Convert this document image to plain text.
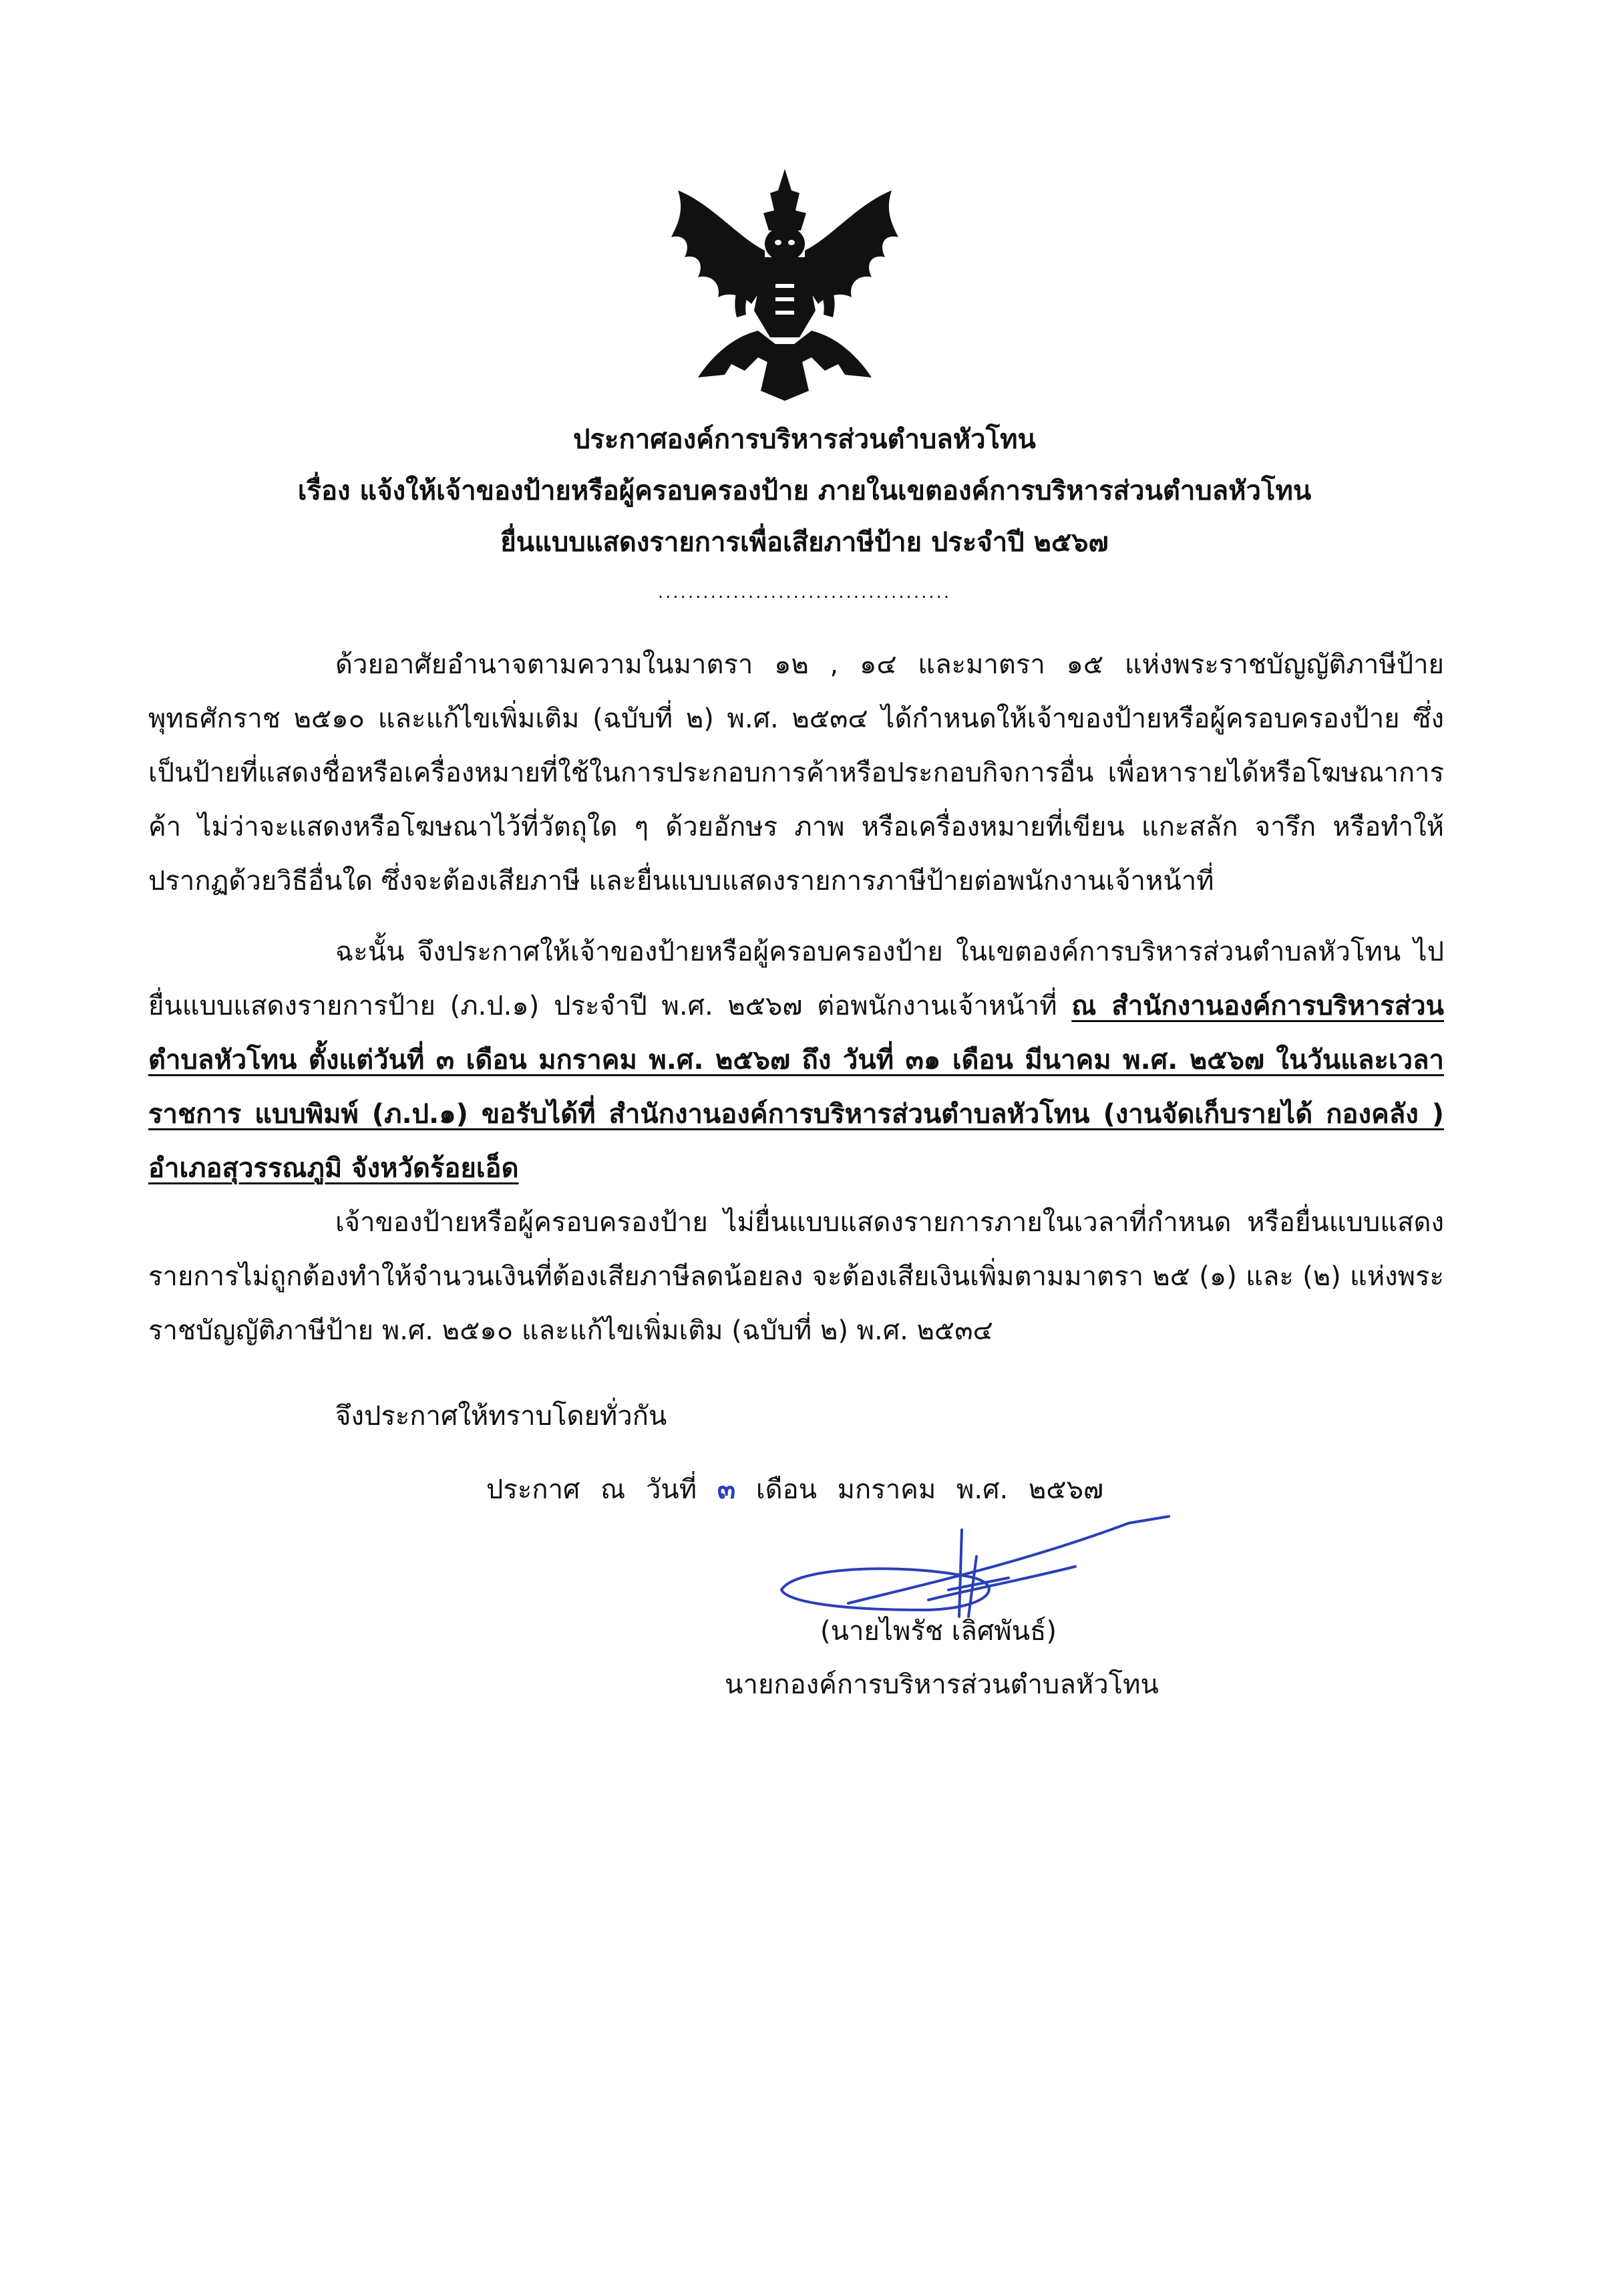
ประกาศองค์การบริหารส่วนตำบลหัวโทน
เรื่อง แจ้งให้เจ้าของป้ายหรือผู้ครอบครองป้าย ภายในเขตองค์การบริหารส่วนตำบลหัวโทน
ยื่นแบบแสดงรายการเพื่อเสียภาษีป้าย ประจำปี ๒๕๖๗
.......................................
ด้วยอาศัยอำนาจตามความในมาตรา ๑๒ , ๑๔ และมาตรา ๑๕ แห่งพระราชบัญญัติภาษีป้าย พุทธศักราช ๒๕๑๐ และแก้ไขเพิ่มเติม (ฉบับที่ ๒) พ.ศ. ๒๕๓๔ ได้กำหนดให้เจ้าของป้ายหรือผู้ครอบครองป้าย ซึ่งเป็นป้ายที่แสดงชื่อหรือเครื่องหมายที่ใช้ในการประกอบการค้าหรือประกอบกิจการอื่น เพื่อหารายได้หรือโฆษณาการค้า ไม่ว่าจะแสดงหรือโฆษณาไว้ที่วัตถุใด ๆ ด้วยอักษร ภาพ หรือเครื่องหมายที่เขียน แกะสลัก จารึก หรือทำให้ปรากฏด้วยวิธีอื่นใด ซึ่งจะต้องเสียภาษี และยื่นแบบแสดงรายการภาษีป้ายต่อพนักงานเจ้าหน้าที่
ฉะนั้น จึงประกาศให้เจ้าของป้ายหรือผู้ครอบครองป้าย ในเขตองค์การบริหารส่วนตำบลหัวโทน ไปยื่นแบบแสดงรายการป้าย (ภ.ป.๑) ประจำปี พ.ศ. ๒๕๖๗ ต่อพนักงานเจ้าหน้าที่ ณ สำนักงานองค์การบริหารส่วนตำบลหัวโทน ตั้งแต่วันที่ ๓ เดือน มกราคม พ.ศ. ๒๕๖๗ ถึง วันที่ ๓๑ เดือน มีนาคม พ.ศ. ๒๕๖๗ ในวันและเวลาราชการ แบบพิมพ์ (ภ.ป.๑) ขอรับได้ที่ สำนักงานองค์การบริหารส่วนตำบลหัวโทน (งานจัดเก็บรายได้ กองคลัง ) อำเภอสุวรรณภูมิ จังหวัดร้อยเอ็ด
เจ้าของป้ายหรือผู้ครอบครองป้าย ไม่ยื่นแบบแสดงรายการภายในเวลาที่กำหนด หรือยื่นแบบแสดงรายการไม่ถูกต้องทำให้จำนวนเงินที่ต้องเสียภาษีลดน้อยลง จะต้องเสียเงินเพิ่มตามมาตรา ๒๕ (๑) และ (๒) แห่งพระราชบัญญัติภาษีป้าย พ.ศ. ๒๕๑๐ และแก้ไขเพิ่มเติม (ฉบับที่ ๒) พ.ศ. ๒๕๓๔
จึงประกาศให้ทราบโดยทั่วกัน
ประกาศ ณ วันที่ ๓ เดือน มกราคม พ.ศ. ๒๕๖๗
(นายไพรัช เลิศพันธ์)
นายกองค์การบริหารส่วนตำบลหัวโทน
